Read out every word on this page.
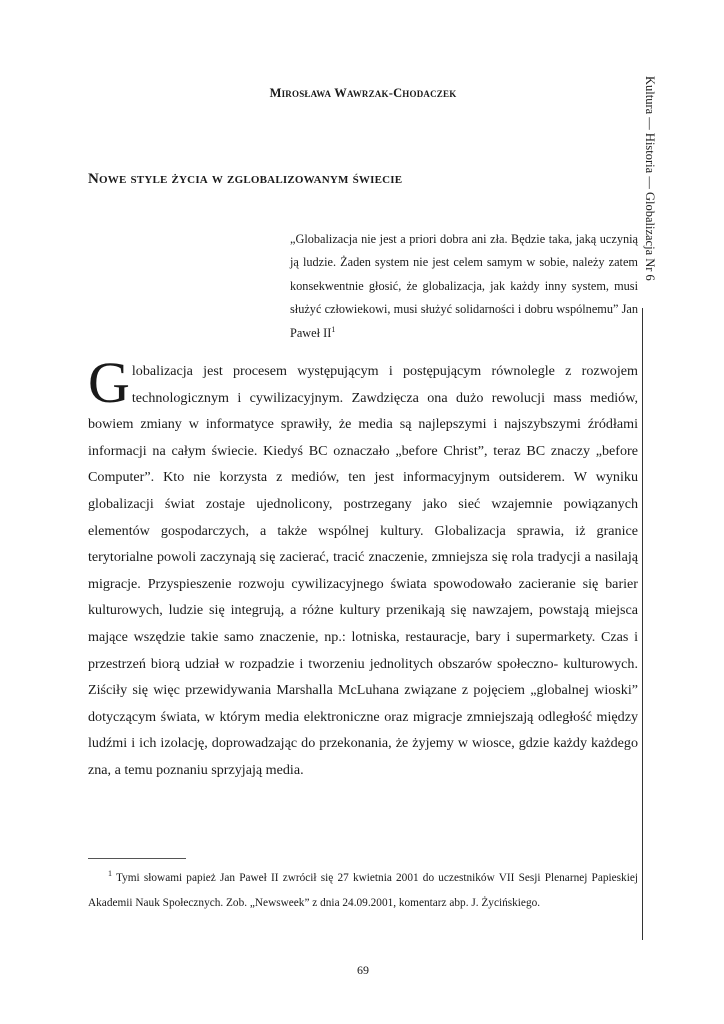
Mirosława Wawrzak-Chodaczek	Kultura — Historia — Globalizacja Nr 6
Nowe style życia w zglobalizowanym świecie
„Globalizacja nie jest a priori dobra ani zła. Będzie taka, jaką uczynią ją ludzie. Żaden system nie jest celem samym w sobie, należy zatem konsekwentnie głosić, że globalizacja, jak każdy inny system, musi służyć człowiekowi, musi służyć solidarności i dobru wspólnemu” Jan Paweł $II^1$
Globalizacja jest procesem występującym i postępującym równolegle z rozwojem technologicznym i cywilizacyjnym. Zawdzięcza ona dużo rewolucji mass mediów, bowiem zmiany w informatyce sprawiły, że media są najlepszymi i najszybszymi źródłami informacji na całym świecie. Kiedyś BC oznaczało „before Christ”, teraz BC znaczy „before Computer”. Kto nie korzysta z mediów, ten jest informacyjnym outsiderem. W wyniku globalizacji świat zostaje ujednolicony, postrzegany jako sieć wzajemnie powiązanych elementów gospodarczych, a także wspólnej kultury. Globalizacja sprawia, iż granice terytorialne powoli zaczynają się zacierać, tracić znaczenie, zmniejsza się rola tradycji a nasilają migracje. Przyspieszenie rozwoju cywilizacyjnego świata spowodowało zacieranie się barier kulturowych, ludzie się integrują, a różne kultury przenikają się nawzajem, powstają miejsca mające wszędzie takie samo znaczenie, np.: lotniska, restauracje, bary i supermarkety. Czas i przestrzeń biorą udział w rozpadzie i tworzeniu jednolitych obszarów społeczno- kulturowych. Ziściły się więc przewidywania Marshalla McLuhana związane z pojęciem „globalnej wioski” dotyczącym świata, w którym media elektroniczne oraz migracje zmniejszają odległość między ludźmi i ich izolację, doprowadzając do przekonania, że żyjemy w wiosce, gdzie każdy każdego zna, a temu poznaniu sprzyjają media.
$^1$ Tymi słowami papież Jan Paweł II zwrócił się 27 kwietnia 2001 do uczestników VII Sesji Plenarnej Papieskiej Akademii Nauk Społecznych. Zob. „Newsweek” z dnia 24.09.2001, komentarz abp. J. Życińskiego.
69
